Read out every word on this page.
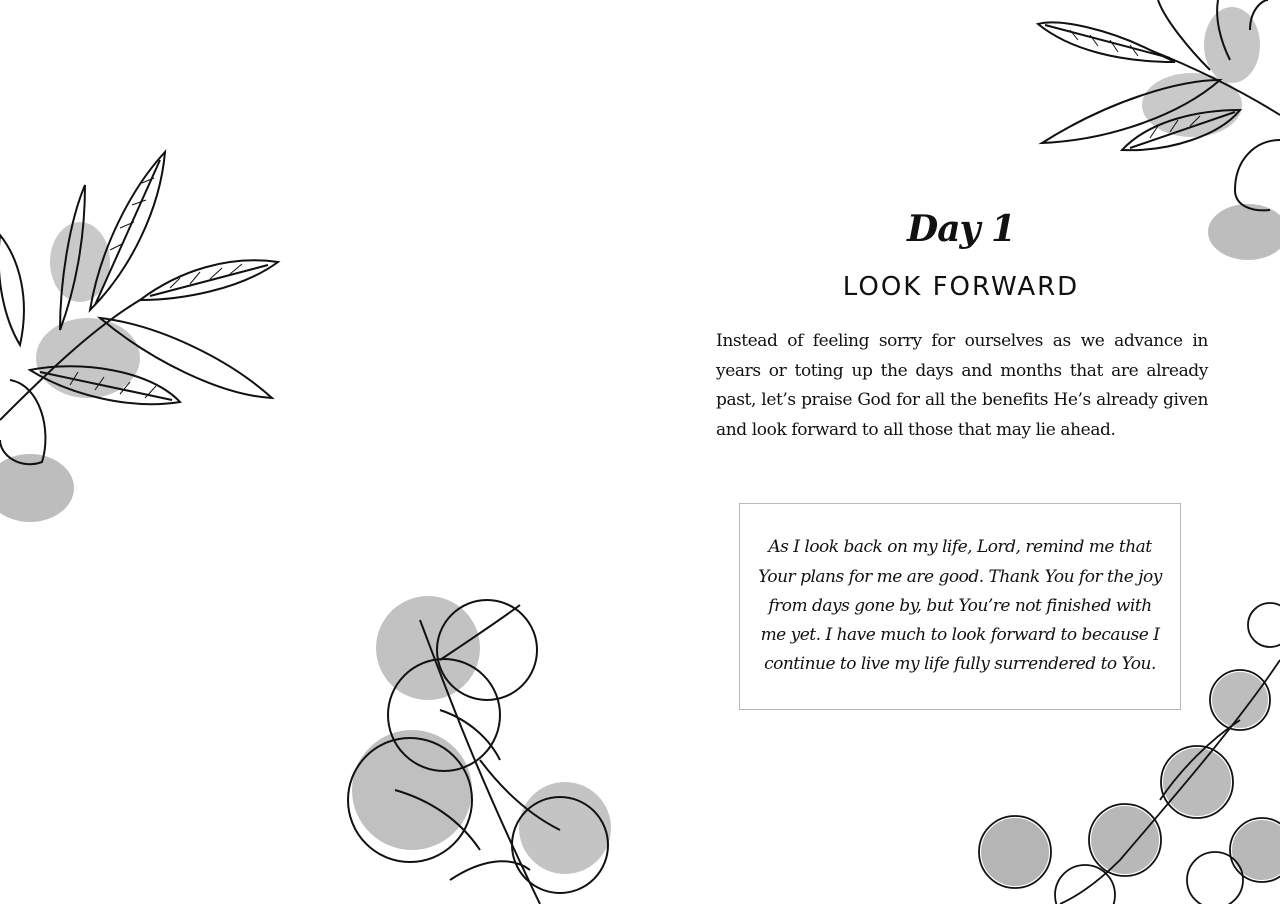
Day 1
LOOK FORWARD
Instead of feeling sorry for ourselves as we advance in years or toting up the days and months that are already past, let’s praise God for all the benefits He’s already given and look forward to all those that may lie ahead.
As I look back on my life, Lord, remind me that Your plans for me are good. Thank You for the joy from days gone by, but You’re not finished with me yet. I have much to look forward to because I continue to live my life fully surrendered to You.
